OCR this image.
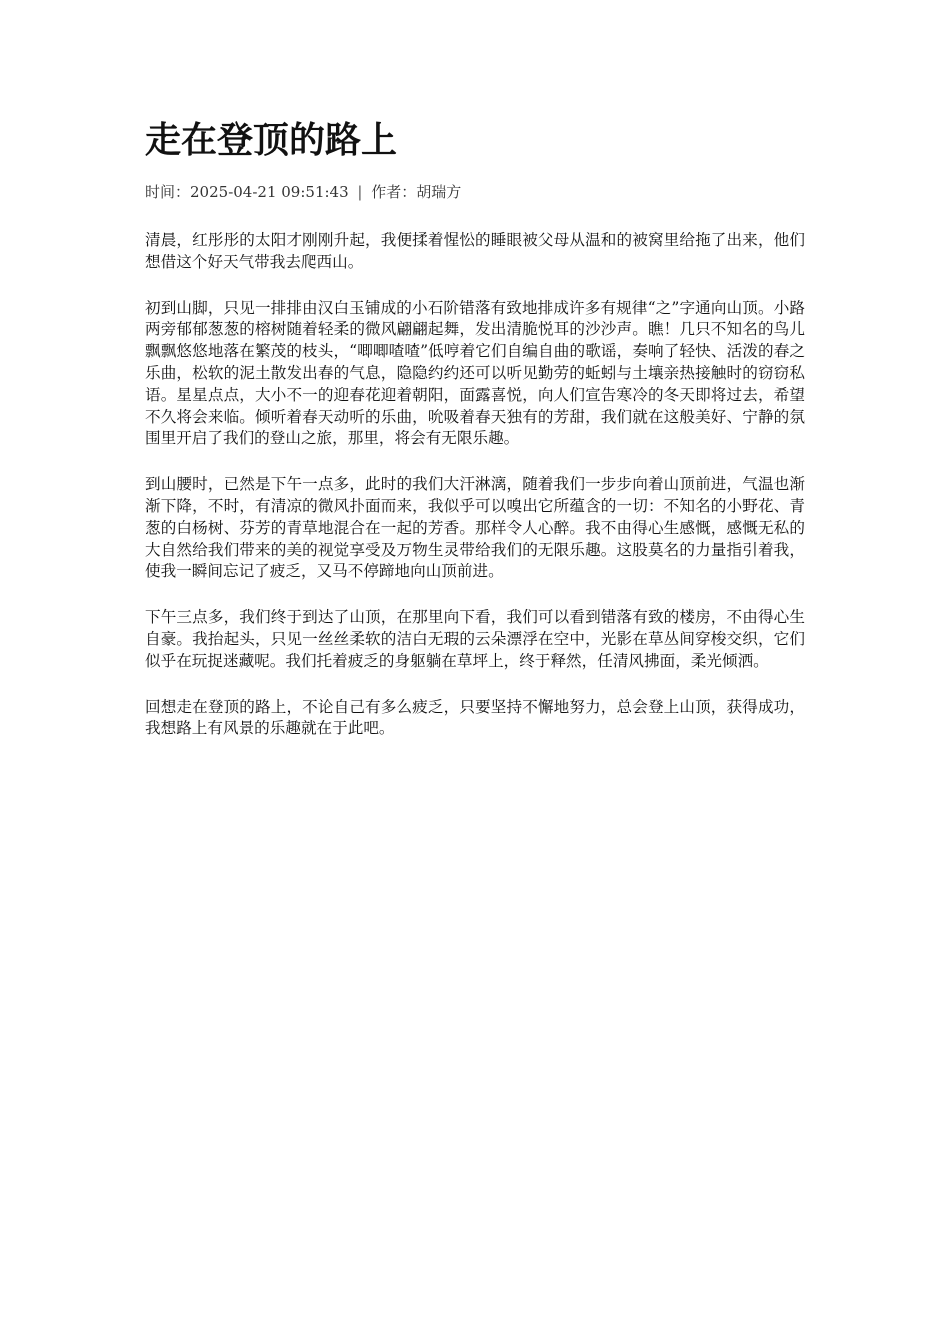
走在登顶的路上
时间：2025-04-21 09:51:43 | 作者：胡瑞方

清晨，红彤彤的太阳才刚刚升起，我便揉着惺忪的睡眼被父母从温和的被窝里给拖了出来，他们想借这个好天气带我去爬西山。

初到山脚，只见一排排由汉白玉铺成的小石阶错落有致地排成许多有规律“之”字通向山顶。小路两旁郁郁葱葱的榕树随着轻柔的微风翩翩起舞，发出清脆悦耳的沙沙声。瞧！几只不知名的鸟儿飘飘悠悠地落在繁茂的枝头，“唧唧喳喳”低哼着它们自编自曲的歌谣，奏响了轻快、活泼的春之乐曲，松软的泥土散发出春的气息，隐隐约约还可以听见勤劳的蚯蚓与土壤亲热接触时的窃窃私语。星星点点，大小不一的迎春花迎着朝阳，面露喜悦，向人们宣告寒冷的冬天即将过去，希望不久将会来临。倾听着春天动听的乐曲，吮吸着春天独有的芳甜，我们就在这般美好、宁静的氛围里开启了我们的登山之旅，那里，将会有无限乐趣。

到山腰时，已然是下午一点多，此时的我们大汗淋漓，随着我们一步步向着山顶前进，气温也渐渐下降，不时，有清凉的微风扑面而来，我似乎可以嗅出它所蕴含的一切：不知名的小野花、青葱的白杨树、芬芳的青草地混合在一起的芳香。那样令人心醉。我不由得心生感慨，感慨无私的大自然给我们带来的美的视觉享受及万物生灵带给我们的无限乐趣。这股莫名的力量指引着我，使我一瞬间忘记了疲乏，又马不停蹄地向山顶前进。

下午三点多，我们终于到达了山顶，在那里向下看，我们可以看到错落有致的楼房，不由得心生自豪。我抬起头，只见一丝丝柔软的洁白无瑕的云朵漂浮在空中，光影在草丛间穿梭交织，它们似乎在玩捉迷藏呢。我们托着疲乏的身躯躺在草坪上，终于释然，任清风拂面，柔光倾洒。

回想走在登顶的路上，不论自己有多么疲乏，只要坚持不懈地努力，总会登上山顶，获得成功，我想路上有风景的乐趣就在于此吧。
